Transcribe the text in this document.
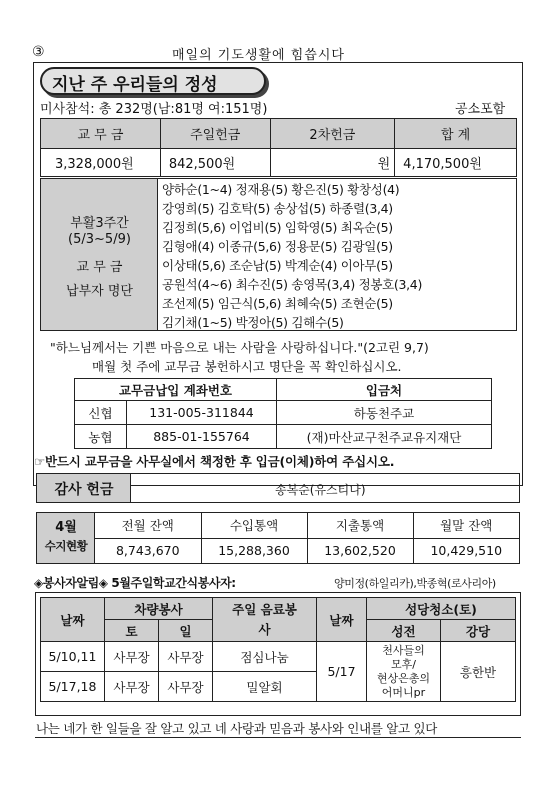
③	매일의 기도생활에 힘씁시다
지난 주 우리들의 정성
미사참석: 총 232명(남:81명 여:151명)	공소포함
교 무 금	주일헌금	2차헌금	합 계
3,328,000원	842,500원	원	4,170,500원
부활3주간
(5/3~5/9)
교 무 금
납부자 명단
양하순(1~4) 정재용(5) 황은진(5) 황창성(4)
강영희(5) 김호탁(5) 송상섭(5) 하종렬(3,4)
김정희(5,6) 이업비(5) 임학영(5) 최옥순(5)
김형애(4) 이종규(5,6) 정용문(5) 김광일(5)
이상태(5,6) 조순남(5) 박계순(4) 이아무(5)
공원석(4~6) 최수진(5) 송영목(3,4) 정봉호(3,4)
조선제(5) 임근식(5,6) 최혜숙(5) 조현순(5)
김기채(1~5) 박정아(5) 김해수(5)
"하느님께서는 기쁜 마음으로 내는 사람을 사랑하십니다."(2고린 9,7)
매월 첫 주에 교무금 봉헌하시고 명단을 꼭 확인하십시오.
교무금납입 계좌번호		입금처
신협	131-005-311844	하동천주교
농협	885-01-155764	(재)마산교구천주교유지재단
☞반드시 교무금을 사무실에서 책정한 후 입금(이체)하여 주십시오.
감사 헌금	송복순(유스티나)
4월
수지현황
전월 잔액	수입통액	지출통액	월말 잔액
8,743,670	15,288,360	13,602,520	10,429,510
◈봉사자알림◈ 5월주일학교간식봉사자:	양미정(하일리카),박종혁(로사리아)
날짜	차량봉사		주일 음료봉사	날짜	성당청소(토)	
	토	일			성전	강당
5/10,11	사무장	사무장	점심나눔	5/17	천사들의
모후/
현상은총의
어머니pr	흥한반
5/17,18	사무장	사무장	밀알회			
나는 네가 한 일들을 잘 알고 있고 네 사랑과 믿음과 봉사와 인내를 알고 있다
